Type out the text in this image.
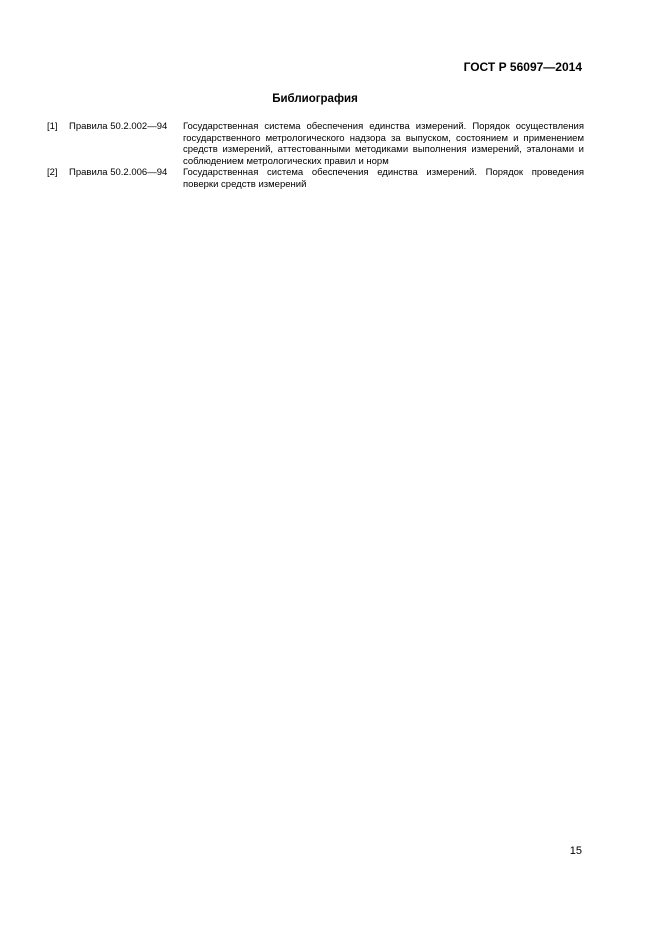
ГОСТ Р 56097—2014
Библиография
[1]	Правила 50.2.002—94	Государственная система обеспечения единства измерений. Порядок осуществления государственного метрологического надзора за выпуском, состоянием и применением средств измерений, аттестованными методиками выполнения измерений, эталонами и соблюдением метрологических правил и норм
[2]	Правила 50.2.006—94	Государственная система обеспечения единства измерений. Порядок проведения поверки средств измерений
15
